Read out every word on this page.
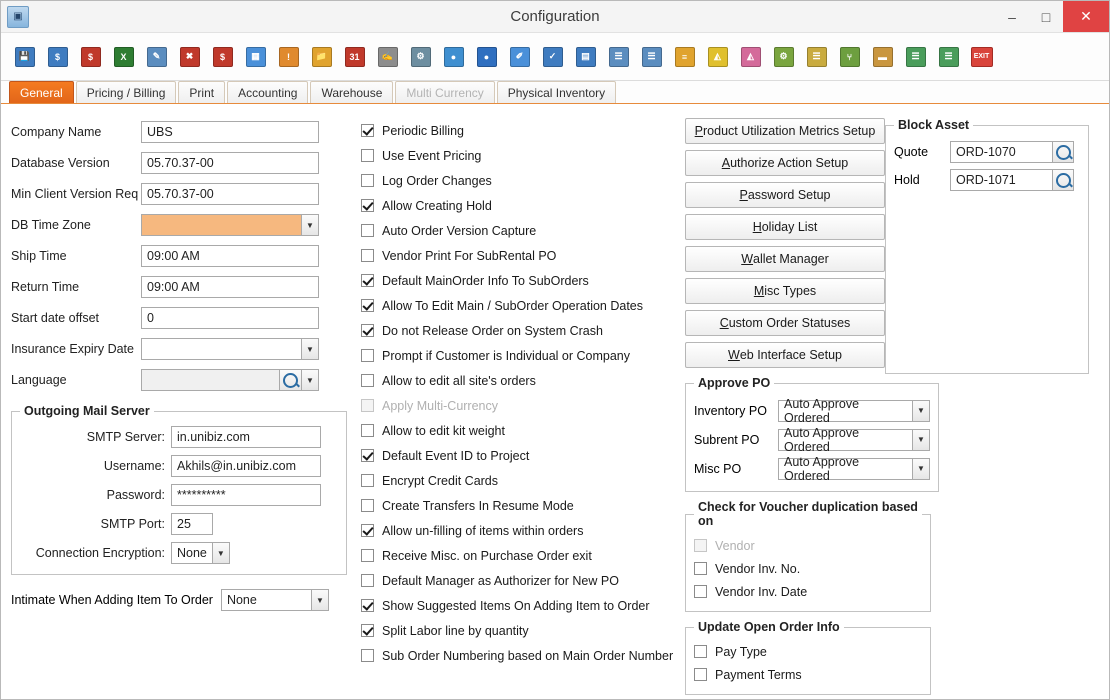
▣	Configuration	–	□	✕
💾	$	$	X	✎	✖	$	▦	!	📁	31	✍	⚙	●	●	✐	✓	▤	☰	☰	≡	◭	◭	⚙	☰	⑂	▬	☰	☰	EXIT
General	Pricing / Billing	Print	Accounting	Warehouse	Multi Currency	Physical Inventory
Company Name	UBS
Database Version	05.70.37-00
Min Client Version Req 05.70.37-00
DB Time Zone	▼
Ship Time	09:00 AM
Return Time	09:00 AM
Start date offset	0
Insurance Expiry Date	▼
Language	▼
Outgoing Mail Server
SMTP Server: in.unibiz.com
Username: Akhils@in.unibiz.com
Password: **********
SMTP Port: 25
Connection Encryption: None	▼
Intimate When Adding Item To Order	None	▼
Periodic Billing
Use Event Pricing
Log Order Changes
Allow Creating Hold
Auto Order Version Capture
Vendor Print For SubRental PO
Default MainOrder Info To SubOrders
Allow To Edit Main / SubOrder Operation Dates
Do not Release Order on System Crash
Prompt if Customer is Individual or Company
Allow to edit all site's orders
Apply Multi-Currency
Allow to edit kit weight
Default Event ID to Project
Encrypt Credit Cards
Create Transfers In Resume Mode
Allow un-filling of items within orders
Receive Misc. on Purchase Order exit
Default Manager as Authorizer for New PO
Show Suggested Items On Adding Item to Order
Split Labor line by quantity
Sub Order Numbering based on Main Order Number
P roduct Utilization Metrics Setup
A uthorize Action Setup
P assword Setup
H oliday List
W allet Manager
M isc Types
C ustom Order Statuses
W eb Interface Setup
Block Asset
Quote	ORD-1070
Hold	ORD-1071
Approve PO
Inventory PO	Auto Approve Ordered	▼
Subrent PO	Auto Approve Ordered	▼
Misc PO	Auto Approve Ordered	▼
Check for Voucher duplication based on
Vendor
Vendor Inv. No.
Vendor Inv. Date
Update Open Order Info
Pay Type
Payment Terms
